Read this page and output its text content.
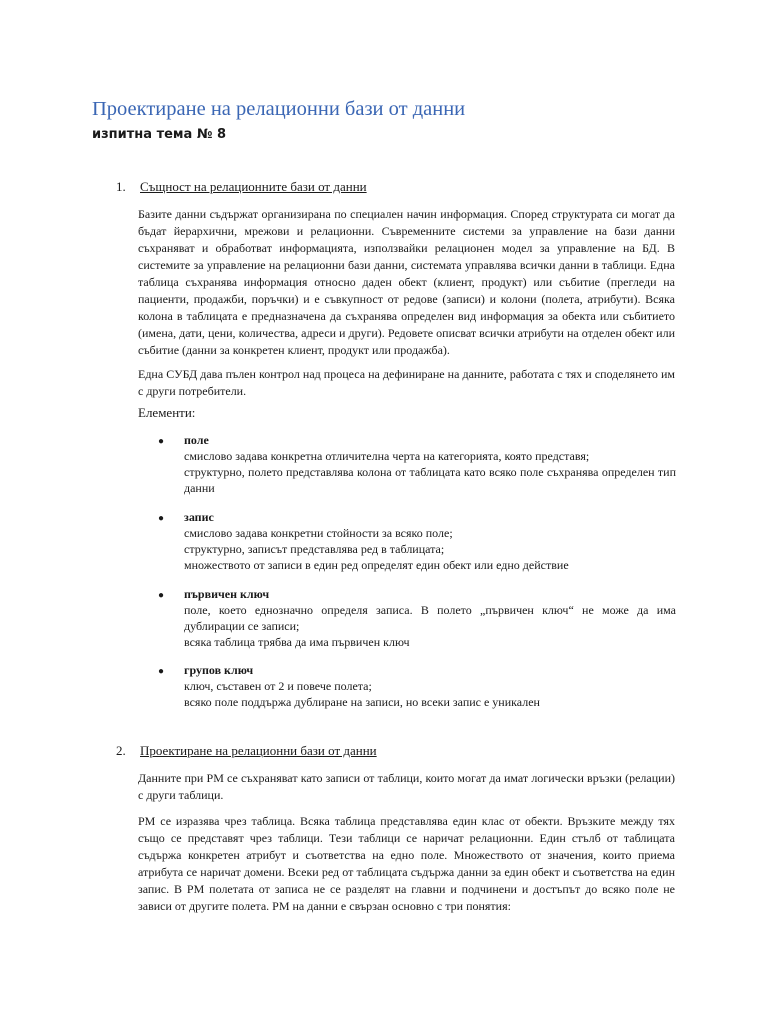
Проектиране на релационни бази от данни

изпитна тема № 8

1. Същност на релационните бази от данни

Базите данни съдържат организирана по специален начин информация. Според структурата си могат да бъдат йерархични, мрежови и релационни. Съвременните системи за управление на бази данни съхраняват и обработват информацията, използвайки релационен модел за управление на БД. В системите за управление на релационни бази данни, системата управлява всички данни в таблици. Една таблица съхранява информация относно даден обект (клиент, продукт) или събитие (прегледи на пациенти, продажби, поръчки) и е съвкупност от редове (записи) и колони (полета, атрибути). Всяка колона в таблицата е предназначена да съхранява определен вид информация за обекта или събитието (имена, дати, цени, количества, адреси и други). Редовете описват всички атрибути на отделен обект или събитие (данни за конкретен клиент, продукт или продажба).

Една СУБД дава пълен контрол над процеса на дефиниране на данните, работата с тях и споделянето им с други потребители.

Елементи:
● поле
смислово задава конкретна отличителна черта на категорията, която представя;
структурно, полето представлява колона от таблицата като всяко поле съхранява определен тип данни
● запис
смислово задава конкретни стойности за всяко поле;
структурно, записът представлява ред в таблицата;
множеството от записи в един ред определят един обект или едно действие
● първичен ключ
поле, което еднозначно определя записа. В полето „първичен ключ“ не може да има дублирации се записи;
всяка таблица трябва да има първичен ключ
● групов ключ
ключ, съставен от 2 и повече полета;
всяко поле поддържа дублиране на записи, но всеки запис е уникален
2. Проектиране на релационни бази от данни

Данните при РМ се съхраняват като записи от таблици, които могат да имат логически връзки (релации) с други таблици.

РМ се изразява чрез таблица. Всяка таблица представлява един клас от обекти. Връзките между тях също се представят чрез таблици. Тези таблици се наричат релационни. Един стълб от таблицата съдържа конкретен атрибут и съответства на едно поле. Множеството от значения, които приема атрибута се наричат домени. Всеки ред от таблицата съдържа данни за един обект и съответства на един запис. В РМ полетата от записа не се разделят на главни и подчинени и достъпът до всяко поле не зависи от другите полета. РМ на данни е свързан основно с три понятия:
